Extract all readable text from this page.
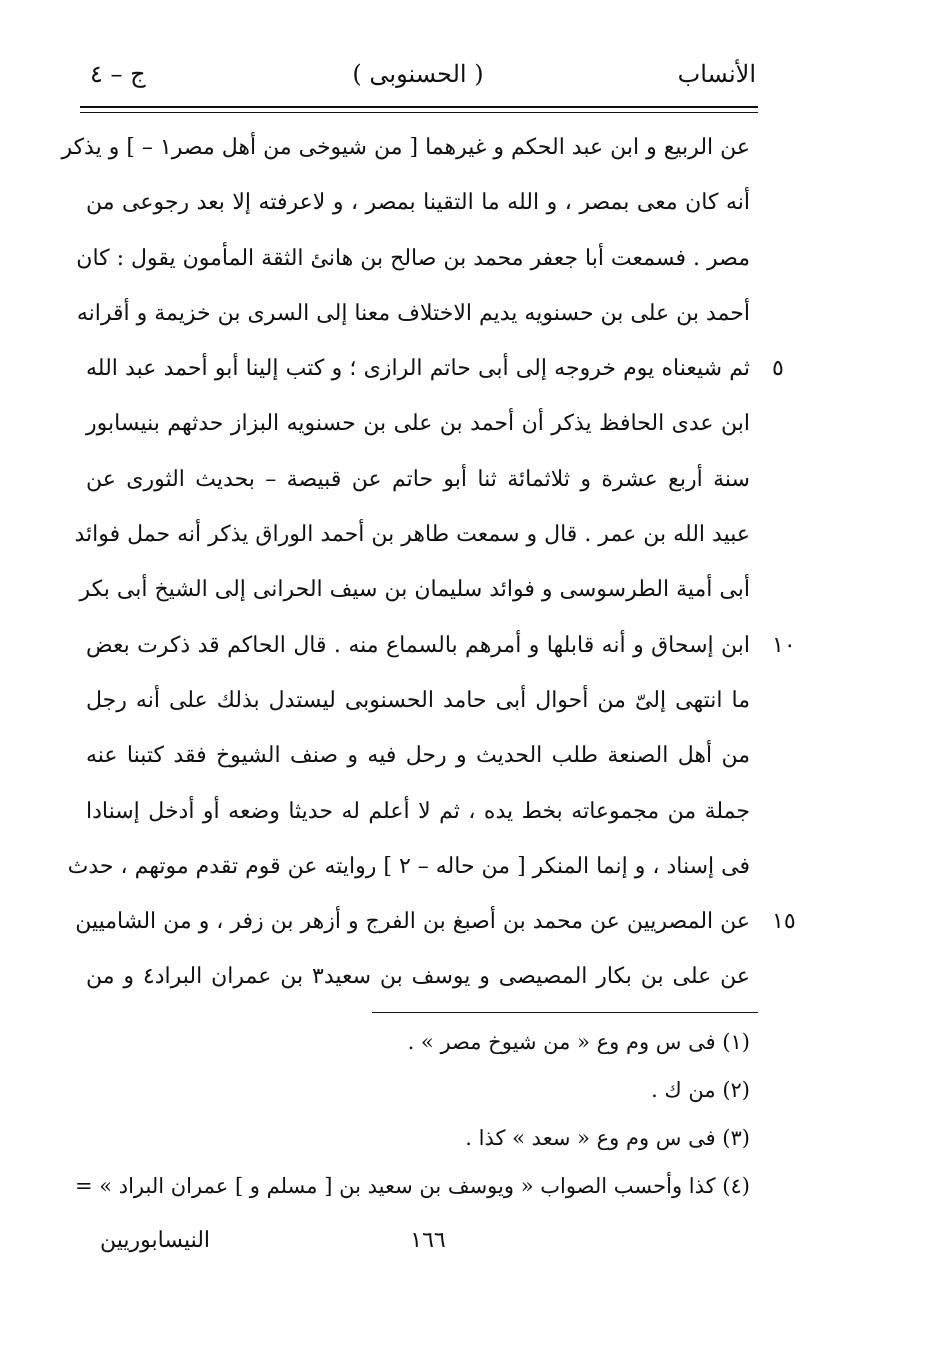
الأنساب
( الحسنوبى )
ج – ٤
عن الربيع و ابن عبد الحكم و غيرهما [ من شيوخى من أهل مصر١ – ] و يذكر
أنه كان معى بمصر ، و الله ما التقينا بمصر ، و لاعرفته إلا بعد رجوعى من
مصر . فسمعت أبا جعفر محمد بن صالح بن هانئ الثقة المأمون يقول : كان
أحمد بن على بن حسنويه يديم الاختلاف معنا إلى السرى بن خزيمة و أقرانه
ثم شيعناه يوم خروجه إلى أبى حاتم الرازى ؛ و كتب إلينا أبو أحمد عبد الله
ابن عدى الحافظ يذكر أن أحمد بن على بن حسنويه البزاز حدثهم بنيسابور
سنة أربع عشرة و ثلاثمائة ثنا أبو حاتم عن قبيصة – بحديث الثورى عن
عبيد الله بن عمر . قال و سمعت طاهر بن أحمد الوراق يذكر أنه حمل فوائد
أبى أمية الطرسوسى و فوائد سليمان بن سيف الحرانى إلى الشيخ أبى بكر
ابن إسحاق و أنه قابلها و أمرهم بالسماع منه . قال الحاكم قد ذكرت بعض
ما انتهى إلىّ من أحوال أبى حامد الحسنوبى ليستدل بذلك على أنه رجل
من أهل الصنعة طلب الحديث و رحل فيه و صنف الشيوخ فقد كتبنا عنه
جملة من مجموعاته بخط يده ، ثم لا أعلم له حديثا وضعه أو أدخل إسنادا
فى إسناد ، و إنما المنكر [ من حاله – ٢ ] روايته عن قوم تقدم موتهم ، حدث
عن المصريين عن محمد بن أصبغ بن الفرج و أزهر بن زفر ، و من الشاميين
عن على بن بكار المصيصى و يوسف بن سعيد٣ بن عمران البراد٤ و من
٥
١٠
١٥
(١) فى س وم وع « من شيوخ مصر » .
(٢) من ك .
(٣) فى س وم وع « سعد » كذا .
(٤) كذا وأحسب الصواب « ويوسف بن سعيد بن [ مسلم و ] عمران البراد » =
١٦٦
النيسابوريين
